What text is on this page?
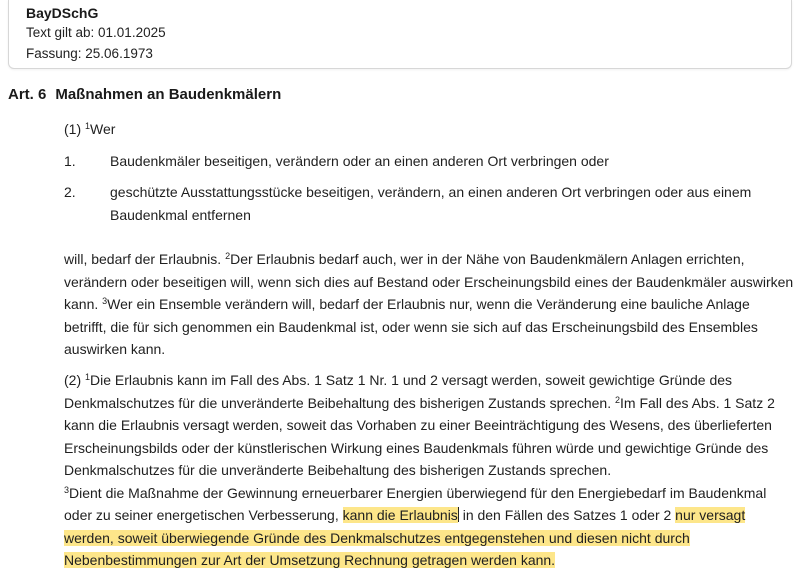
BayDSchG
Text gilt ab: 01.01.2025
Fassung: 25.06.1973
Art. 6 Maßnahmen an Baudenkmälern
(1) $^1$Wer
1. Baudenkmäler beseitigen, verändern oder an einen anderen Ort verbringen oder
2. geschützte Ausstattungsstücke beseitigen, verändern, an einen anderen Ort verbringen oder aus einem Baudenkmal entfernen
will, bedarf der Erlaubnis. $^2$Der Erlaubnis bedarf auch, wer in der Nähe von Baudenkmälern Anlagen errichten, verändern oder beseitigen will, wenn sich dies auf Bestand oder Erscheinungsbild eines der Baudenkmäler auswirken kann. $^3$Wer ein Ensemble verändern will, bedarf der Erlaubnis nur, wenn die Veränderung eine bauliche Anlage betrifft, die für sich genommen ein Baudenkmal ist, oder wenn sie sich auf das Erscheinungsbild des Ensembles auswirken kann.
(2) $^1$Die Erlaubnis kann im Fall des Abs. 1 Satz 1 Nr. 1 und 2 versagt werden, soweit gewichtige Gründe des Denkmalschutzes für die unveränderte Beibehaltung des bisherigen Zustands sprechen. $^2$Im Fall des Abs. 1 Satz 2 kann die Erlaubnis versagt werden, soweit das Vorhaben zu einer Beeinträchtigung des Wesens, des überlieferten Erscheinungsbilds oder der künstlerischen Wirkung eines Baudenkmals führen würde und gewichtige Gründe des Denkmalschutzes für die unveränderte Beibehaltung des bisherigen Zustands sprechen.
$^3$Dient die Maßnahme der Gewinnung erneuerbarer Energien überwiegend für den Energiebedarf im Baudenkmal oder zu seiner energetischen Verbesserung, kann die Erlaubnis in den Fällen des Satzes 1 oder 2 nur versagt werden, soweit überwiegende Gründe des Denkmalschutzes entgegenstehen und diesen nicht durch Nebenbestimmungen zur Art der Umsetzung Rechnung getragen werden kann.
